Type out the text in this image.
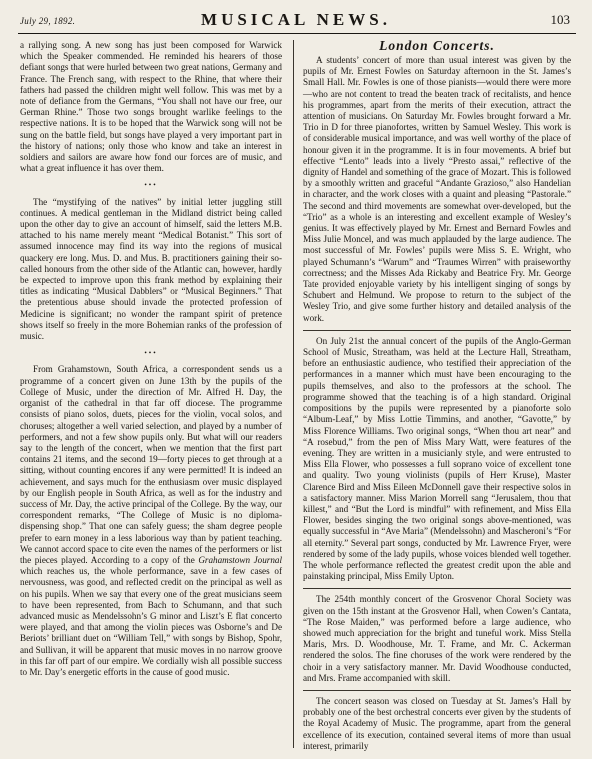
July 29, 1892.	MUSICAL NEWS.	103

a rallying song. A new song has just been composed for Warwick which the Speaker commended. He reminded his hearers of those defiant songs that were hurled between two great nations, Germany and France. The French sang, with respect to the Rhine, that where their fathers had passed the children might well follow. This was met by a note of defiance from the Germans, “You shall not have our free, our German Rhine.” Those two songs brought warlike feelings to the respective nations. It is to be hoped that the Warwick song will not be sung on the battle field, but songs have played a very important part in the history of nations; only those who know and take an interest in soldiers and sailors are aware how fond our forces are of music, and what a great influence it has over them.

•••

The “mystifying of the natives” by initial letter juggling still continues. A medical gentleman in the Midland district being called upon the other day to give an account of himself, said the letters M.B. attached to his name merely meant “Medical Botanist.” This sort of assumed innocence may find its way into the regions of musical quackery ere long. Mus. D. and Mus. B. practitioners gaining their so-called honours from the other side of the Atlantic can, however, hardly be expected to improve upon this frank method by explaining their titles as indicating “Musical Dabblers” or “Musical Beginners.” That the pretentious abuse should invade the protected profession of Medicine is significant; no wonder the rampant spirit of pretence shows itself so freely in the more Bohemian ranks of the profession of music.

•••

From Grahamstown, South Africa, a correspondent sends us a programme of a concert given on June 13th by the pupils of the College of Music, under the direction of Mr. Alfred H. Day, the organist of the cathedral in that far off diocese. The programme consists of piano solos, duets, pieces for the violin, vocal solos, and choruses; altogether a well varied selection, and played by a number of performers, and not a few show pupils only. But what will our readers say to the length of the concert, when we mention that the first part contains 21 items, and the second 19—forty pieces to get through at a sitting, without counting encores if any were permitted! It is indeed an achievement, and says much for the enthusiasm over music displayed by our English people in South Africa, as well as for the industry and success of Mr. Day, the active principal of the College. By the way, our correspondent remarks, “The College of Music is no diploma-dispensing shop.” That one can safely guess; the sham degree people prefer to earn money in a less laborious way than by patient teaching. We cannot accord space to cite even the names of the performers or list the pieces played. According to a copy of the Grahamstown Journal which reaches us, the whole performance, save in a few cases of nervousness, was good, and reflected credit on the principal as well as on his pupils. When we say that every one of the great musicians seem to have been represented, from Bach to Schumann, and that such advanced music as Mendelssohn’s G minor and Liszt’s E flat concerto were played, and that among the violin pieces was Osborne’s and De Beriots’ brilliant duet on “William Tell,” with songs by Bishop, Spohr, and Sullivan, it will be apparent that music moves in no narrow groove in this far off part of our empire. We cordially wish all possible success to Mr. Day’s energetic efforts in the cause of good music.

London Concerts.

A students’ concert of more than usual interest was given by the pupils of Mr. Ernest Fowles on Saturday afternoon in the St. James’s Small Hall. Mr. Fowles is one of those pianists—would there were more—who are not content to tread the beaten track of recitalists, and hence his programmes, apart from the merits of their execution, attract the attention of musicians. On Saturday Mr. Fowles brought forward a Mr. Trio in D for three pianofortes, written by Samuel Wesley. This work is of considerable musical importance, and was well worthy of the place of honour given it in the programme. It is in four movements. A brief but effective “Lento” leads into a lively “Presto assai,” reflective of the dignity of Handel and something of the grace of Mozart. This is followed by a smoothly written and graceful “Andante Grazioso,” also Handelian in character, and the work closes with a quaint and pleasing “Pastorale.” The second and third movements are somewhat over-developed, but the “Trio” as a whole is an interesting and excellent example of Wesley’s genius. It was effectively played by Mr. Ernest and Bernard Fowles and Miss Julie Moncel, and was much applauded by the large audience. The most successful of Mr. Fowles’ pupils were Miss S. E. Wright, who played Schumann’s “Warum” and “Traumes Wirren” with praiseworthy correctness; and the Misses Ada Rickaby and Beatrice Fry. Mr. George Tate provided enjoyable variety by his intelligent singing of songs by Schubert and Helmund. We propose to return to the subject of the Wesley Trio, and give some further history and detailed analysis of the work.

On July 21st the annual concert of the pupils of the Anglo-German School of Music, Streatham, was held at the Lecture Hall, Streatham, before an enthusiastic audience, who testified their appreciation of the performances in a manner which must have been encouraging to the pupils themselves, and also to the professors at the school. The programme showed that the teaching is of a high standard. Original compositions by the pupils were represented by a pianoforte solo “Album-Leaf,” by Miss Lottie Timmins, and another, “Gavotte,” by Miss Florence Williams. Two original songs, “When thou art near” and “A rosebud,” from the pen of Miss Mary Watt, were features of the evening. They are written in a musicianly style, and were entrusted to Miss Ella Flower, who possesses a full soprano voice of excellent tone and quality. Two young violinists (pupils of Herr Kruse), Master Clarence Bird and Miss Eileen McDonnell gave their respective solos in a satisfactory manner. Miss Marion Morrell sang “Jerusalem, thou that killest,” and “But the Lord is mindful” with refinement, and Miss Ella Flower, besides singing the two original songs above-mentioned, was equally successful in “Ave Maria” (Mendelssohn) and Mascheroni’s “For all eternity.” Several part songs, conducted by Mr. Lawrence Fryer, were rendered by some of the lady pupils, whose voices blended well together. The whole performance reflected the greatest credit upon the able and painstaking principal, Miss Emily Upton.

The 254th monthly concert of the Grosvenor Choral Society was given on the 15th instant at the Grosvenor Hall, when Cowen’s Cantata, “The Rose Maiden,” was performed before a large audience, who showed much appreciation for the bright and tuneful work. Miss Stella Maris, Mrs. D. Woodhouse, Mr. T. Frame, and Mr. C. Ackerman rendered the solos. The fine choruses of the work were rendered by the choir in a very satisfactory manner. Mr. David Woodhouse conducted, and Mrs. Frame accompanied with skill.

The concert season was closed on Tuesday at St. James’s Hall by probably one of the best orchestral concerts ever given by the students of the Royal Academy of Music. The programme, apart from the general excellence of its execution, contained several items of more than usual interest, primarily
